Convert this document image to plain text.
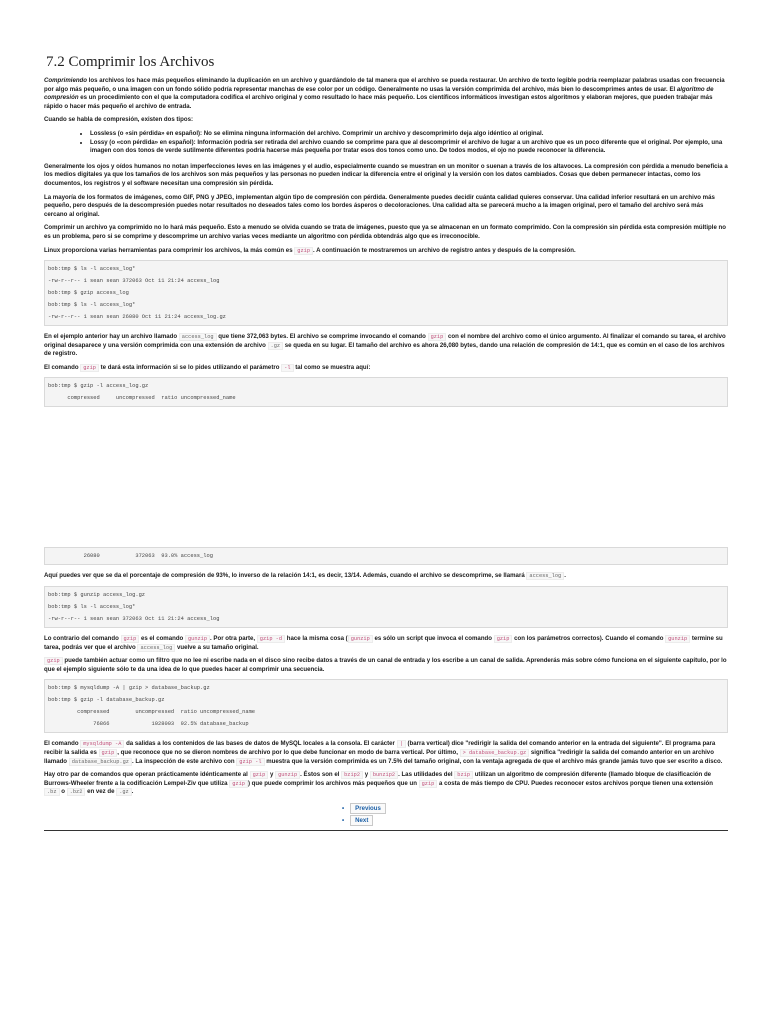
7.2 Comprimir los Archivos

Comprimiendo los archivos los hace más pequeños eliminando la duplicación en un archivo y guardándolo de tal manera que el archivo se pueda restaurar. Un archivo de texto legible podría reemplazar palabras usadas con frecuencia por algo más pequeño, o una imagen con un fondo sólido podría representar manchas de ese color por un código. Generalmente no usas la versión comprimida del archivo, más bien lo descomprimes antes de usar. El algoritmo de compresión es un procedimiento con el que la computadora codifica el archivo original y como resultado lo hace más pequeño. Los científicos informáticos investigan estos algoritmos y elaboran mejores, que pueden trabajar más rápido o hacer más pequeño el archivo de entrada.

Cuando se habla de compresión, existen dos tipos:

• Lossless (o «sin pérdida» en español): No se elimina ninguna información del archivo. Comprimir un archivo y descomprimirlo deja algo idéntico al original.
• Lossy (o «con pérdida» en español): Información podría ser retirada del archivo cuando se comprime para que al descomprimir el archivo de lugar a un archivo que es un poco diferente que el original. Por ejemplo, una imagen con dos tonos de verde sutilmente diferentes podría hacerse más pequeña por tratar esos dos tonos como uno. De todos modos, el ojo no puede reconocer la diferencia.

Generalmente los ojos y oídos humanos no notan imperfecciones leves en las imágenes y el audio, especialmente cuando se muestran en un monitor o suenan a través de los altavoces. La compresión con pérdida a menudo beneficia a los medios digitales ya que los tamaños de los archivos son más pequeños y las personas no pueden indicar la diferencia entre el original y la versión con los datos cambiados. Cosas que deben permanecer intactas, como los documentos, los registros y el software necesitan una compresión sin pérdida.

La mayoría de los formatos de imágenes, como GIF, PNG y JPEG, implementan algún tipo de compresión con pérdida. Generalmente puedes decidir cuánta calidad quieres conservar. Una calidad inferior resultará en un archivo más pequeño, pero después de la descompresión puedes notar resultados no deseados tales como los bordes ásperos o decoloraciones. Una calidad alta se parecerá mucho a la imagen original, pero el tamaño del archivo será más cercano al original.

Comprimir un archivo ya comprimido no lo hará más pequeño. Esto a menudo se olvida cuando se trata de imágenes, puesto que ya se almacenan en un formato comprimido. Con la compresión sin pérdida esta compresión múltiple no es un problema, pero si se comprime y descomprime un archivo varias veces mediante un algoritmo con pérdida obtendrás algo que es irreconocible.

Linux proporciona varias herramientas para comprimir los archivos, la más común es gzip . A continuación te mostraremos un archivo de registro antes y después de la compresión.

bob:tmp $ ls -l access_log*
-rw-r--r-- 1 sean sean 372063 Oct 11 21:24 access_log
bob:tmp $ gzip access_log
bob:tmp $ ls -l access_log*
-rw-r--r-- 1 sean sean 26080 Oct 11 21:24 access_log.gz

En el ejemplo anterior hay un archivo llamado access_log que tiene 372,063 bytes. El archivo se comprime invocando el comando gzip con el nombre del archivo como el único argumento. Al finalizar el comando su tarea, el archivo original desaparece y una versión comprimida con una extensión de archivo .gz se queda en su lugar. El tamaño del archivo es ahora 26,080 bytes, dando una relación de compresión de 14:1, que es común en el caso de los archivos de registro.

El comando gzip te dará esta información si se lo pides utilizando el parámetro -l tal como se muestra aquí:

bob:tmp $ gzip -l access_log.gz
compressed     uncompressed  ratio uncompressed_name
26080           372063  93.0% access_log

Aquí puedes ver que se da el porcentaje de compresión de 93%, lo inverso de la relación 14:1, es decir, 13/14. Además, cuando el archivo se descomprime, se llamará access_log .

bob:tmp $ gunzip access_log.gz
bob:tmp $ ls -l access_log*
-rw-r--r-- 1 sean sean 372063 Oct 11 21:24 access_log

Lo contrario del comando gzip es el comando gunzip . Por otra parte, gzip -d hace la misma cosa ( gunzip es sólo un script que invoca el comando gzip con los parámetros correctos). Cuando el comando gunzip termine su tarea, podrás ver que el archivo access_log vuelve a su tamaño original.

gzip puede también actuar como un filtro que no lee ni escribe nada en el disco sino recibe datos a través de un canal de entrada y los escribe a un canal de salida. Aprenderás más sobre cómo funciona en el siguiente capítulo, por lo que el ejemplo siguiente sólo te da una idea de lo que puedes hacer al comprimir una secuencia.

bob:tmp $ mysqldump -A | gzip > database_backup.gz
bob:tmp $ gzip -l database_backup.gz
compressed        uncompressed  ratio uncompressed_name
76866             1028003  92.5% database_backup

El comando mysqldump -A da salidas a los contenidos de las bases de datos de MySQL locales a la consola. El carácter | (barra vertical) dice "redirigir la salida del comando anterior en la entrada del siguiente". El programa para recibir la salida es gzip , que reconoce que no se dieron nombres de archivo por lo que debe funcionar en modo de barra vertical. Por último, > database_backup.gz significa "redirigir la salida del comando anterior en un archivo llamado database_backup.gz . La inspección de este archivo con gzip -l muestra que la versión comprimida es un 7.5% del tamaño original, con la ventaja agregada de que el archivo más grande jamás tuvo que ser escrito a disco.

Hay otro par de comandos que operan prácticamente idénticamente al gzip y gunzip . Éstos son el bzip2 y bunzip2 . Las utilidades del bzip utilizan un algoritmo de compresión diferente (llamado bloque de clasificación de Burrows-Wheeler frente a la codificación Lempel-Ziv que utiliza gzip ) que puede comprimir los archivos más pequeños que un gzip a costa de más tiempo de CPU. Puedes reconocer estos archivos porque tienen una extensión .bz o .bz2 en vez de .gz .

• Previous
• Next
